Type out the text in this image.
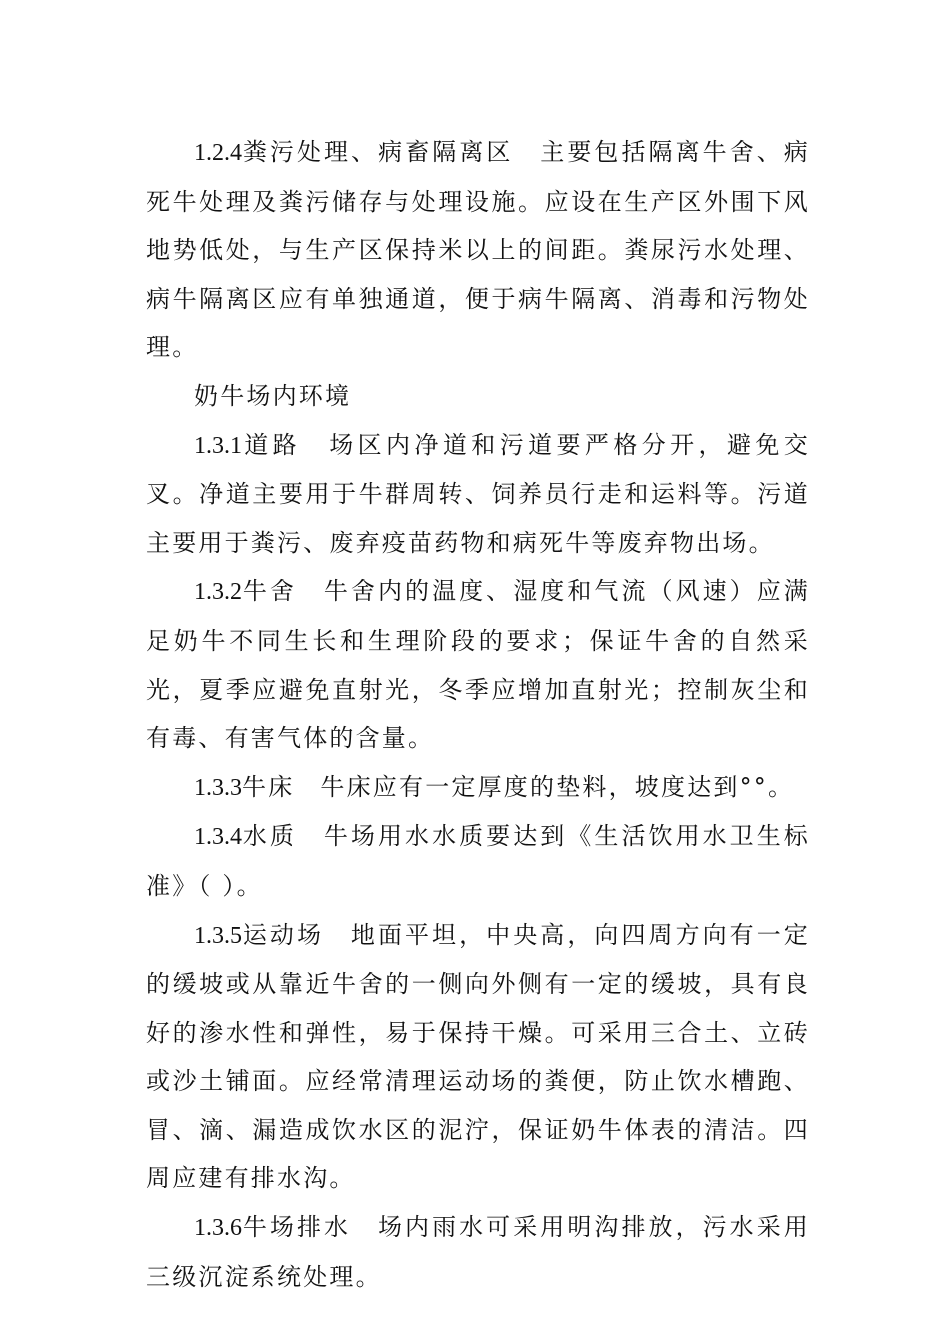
1.2.4粪污处理、病畜隔离区 主要包括隔离牛舍、病死牛处理及粪污储存与处理设施。应设在生产区外围下风地势低处，与生产区保持米以上的间距。粪尿污水处理、病牛隔离区应有单独通道，便于病牛隔离、消毒和污物处理。

奶牛场内环境

1.3.1道路 场区内净道和污道要严格分开，避免交叉。净道主要用于牛群周转、饲养员行走和运料等。污道主要用于粪污、废弃疫苗药物和病死牛等废弃物出场。

1.3.2牛舍 牛舍内的温度、湿度和气流（风速）应满足奶牛不同生长和生理阶段的要求；保证牛舍的自然采光，夏季应避免直射光，冬季应增加直射光；控制灰尘和有毒、有害气体的含量。

1.3.3牛床 牛床应有一定厚度的垫料，坡度达到°°。

1.3.4水质 牛场用水水质要达到《生活饮用水卫生标准》（ ）。

1.3.5运动场 地面平坦，中央高，向四周方向有一定的缓坡或从靠近牛舍的一侧向外侧有一定的缓坡，具有良好的渗水性和弹性，易于保持干燥。可采用三合土、立砖或沙土铺面。应经常清理运动场的粪便，防止饮水槽跑、冒、滴、漏造成饮水区的泥泞，保证奶牛体表的清洁。四周应建有排水沟。

1.3.6牛场排水 场内雨水可采用明沟排放，污水采用三级沉淀系统处理。
